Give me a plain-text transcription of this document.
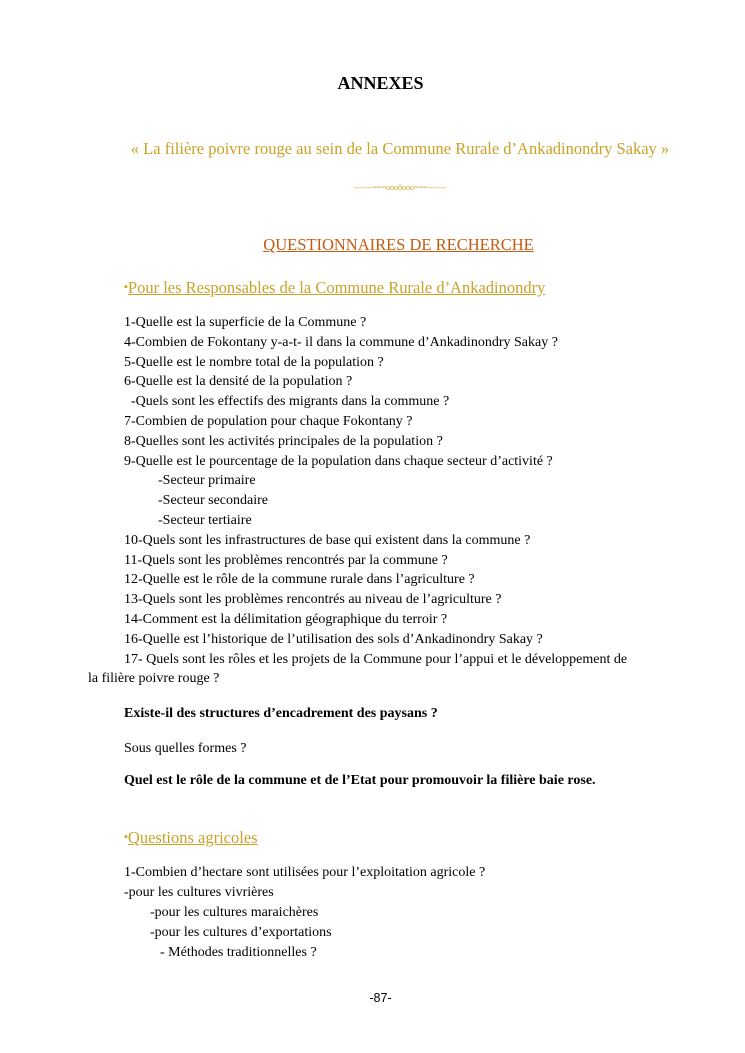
ANNEXES
« La filière poivre rouge au sein de la Commune Rurale d’Ankadinondry Sakay »
-------===ooo0ooo===-------
QUESTIONNAIRES DE RECHERCHE
▪Pour les Responsables de la Commune Rurale d’Ankadinondry
1-Quelle est la superficie de la Commune ?
4-Combien de Fokontany y-a-t- il dans la commune d’Ankadinondry Sakay ?
5-Quelle est le nombre total de la population ?
6-Quelle est la densité de la population ?
-Quels sont les effectifs des migrants dans la commune ?
7-Combien de population pour chaque Fokontany ?
8-Quelles sont les activités principales de la population ?
9-Quelle est le pourcentage de la population dans chaque secteur d’activité ?
-Secteur primaire
-Secteur secondaire
-Secteur tertiaire
10-Quels sont les infrastructures de base qui existent dans la commune ?
11-Quels sont les problèmes rencontrés par la commune ?
12-Quelle est le rôle de la commune rurale dans l’agriculture ?
13-Quels sont les problèmes rencontrés au niveau de l’agriculture ?
14-Comment est la délimitation géographique du terroir ?
16-Quelle est l’historique de l’utilisation des sols d’Ankadinondry Sakay ?
17- Quels sont les rôles et les projets de la Commune pour l’appui et le développement de
la filière poivre rouge ?
Existe-il des structures d’encadrement des paysans ?
Sous quelles formes ?
Quel est le rôle de la commune et de l’Etat pour promouvoir la filière baie rose.
▪Questions agricoles
1-Combien d’hectare sont utilisées pour l’exploitation agricole ?
-pour les cultures vivrières
-pour les cultures maraichères
-pour les cultures d’exportations
- Méthodes traditionnelles ?
-87-
